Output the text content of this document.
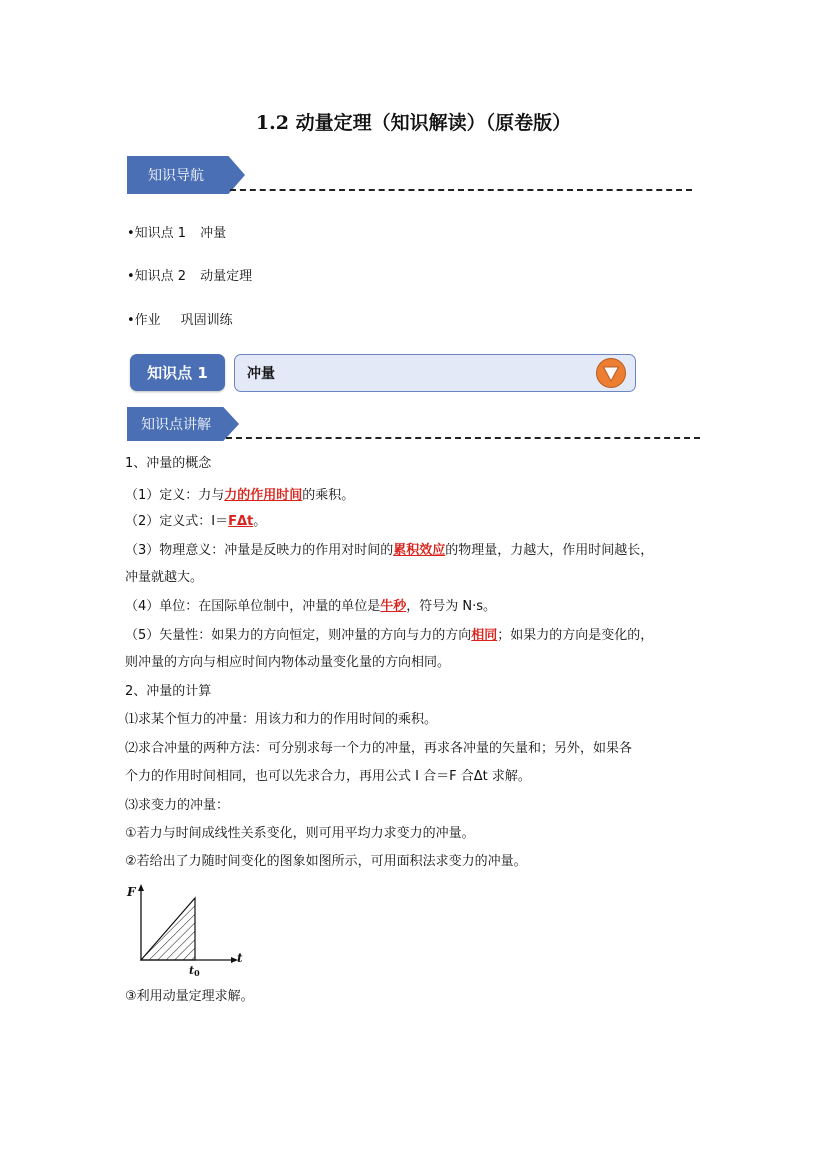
1.2 动量定理（知识解读）（原卷版）
知识导航
•知识点 1 冲量
•知识点 2 动量定理
•作业 巩固训练
知识点 1	冲量
知识点讲解
1、冲量的概念
（1）定义：力与力的作用时间的乘积。
（2）定义式：I＝FΔt。
（3）物理意义：冲量是反映力的作用对时间的累积效应的物理量，力越大，作用时间越长，
冲量就越大。
（4）单位：在国际单位制中，冲量的单位是牛秒，符号为 N·s。
（5）矢量性：如果力的方向恒定，则冲量的方向与力的方向相同；如果力的方向是变化的，
则冲量的方向与相应时间内物体动量变化量的方向相同。
2、冲量的计算
⑴求某个恒力的冲量：用该力和力的作用时间的乘积。
⑵求合冲量的两种方法：可分别求每一个力的冲量，再求各冲量的矢量和；另外，如果各
个力的作用时间相同，也可以先求合力，再用公式 I 合＝F 合Δt 求解。
⑶求变力的冲量：
①若力与时间成线性关系变化，则可用平均力求变力的冲量。
②若给出了力随时间变化的图象如图所示，可用面积法求变力的冲量。
F
t
t0
③利用动量定理求解。
